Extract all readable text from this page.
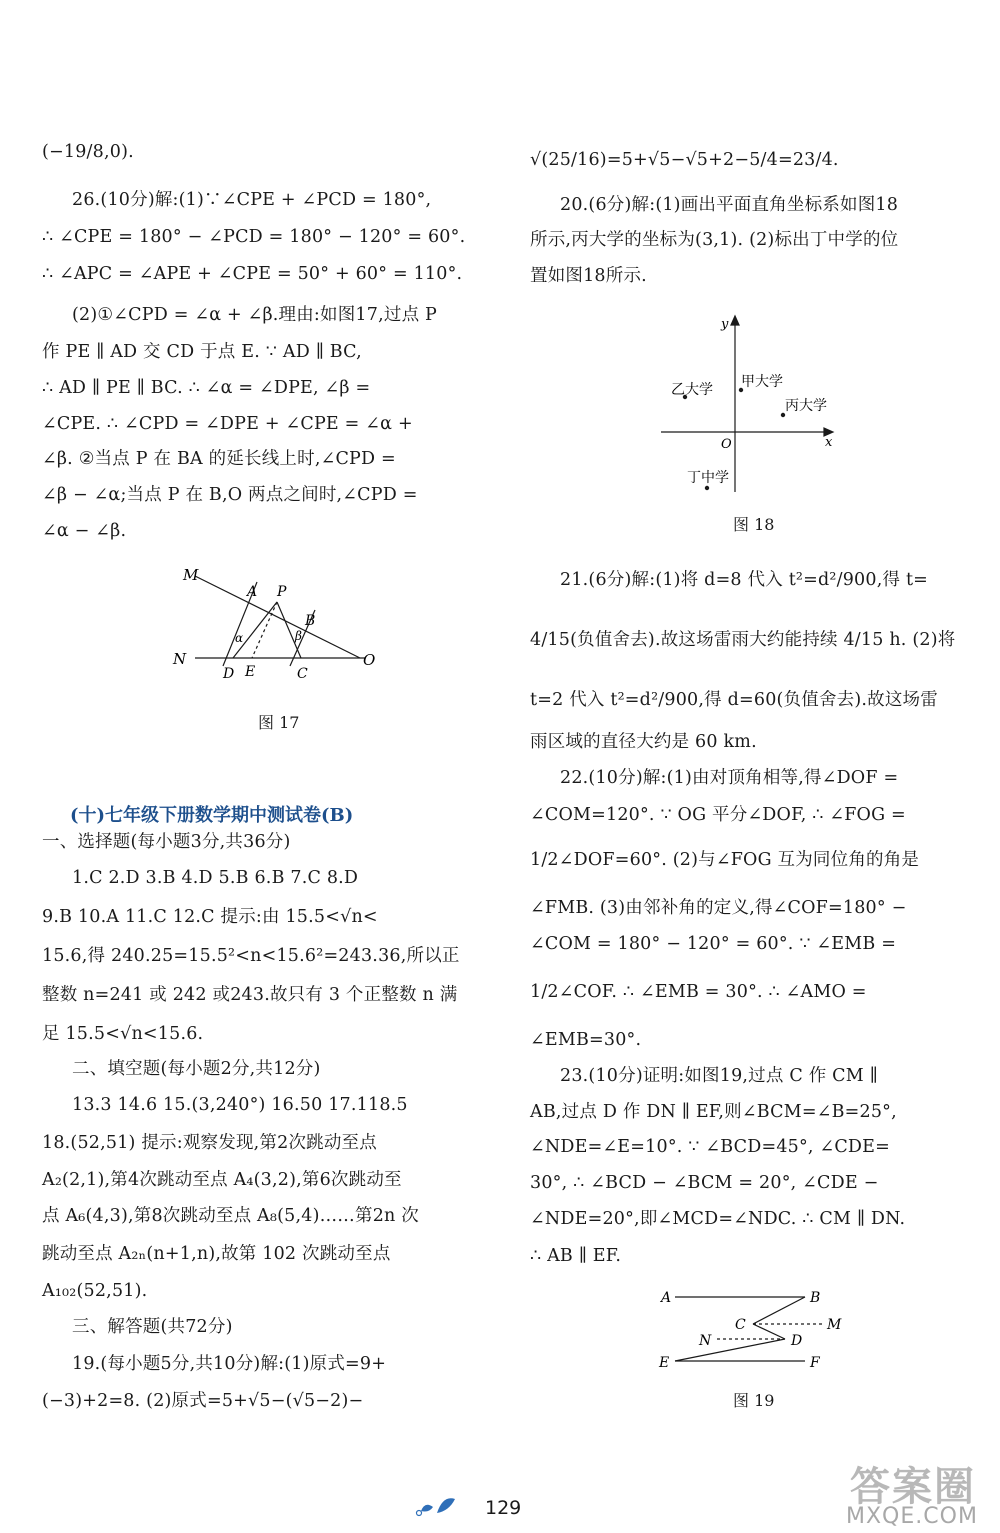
(−19/8,0).
26.(10分)解:(1)∵∠CPE + ∠PCD = 180°,
∴ ∠CPE = 180° − ∠PCD = 180° − 120° = 60°.
∴ ∠APC = ∠APE + ∠CPE = 50° + 60° = 110°.
(2)①∠CPD = ∠α + ∠β.理由:如图17,过点 P
作 PE ∥ AD 交 CD 于点 E. ∵ AD ∥ BC,
∴ AD ∥ PE ∥ BC. ∴ ∠α = ∠DPE, ∠β =
∠CPE. ∴ ∠CPD = ∠DPE + ∠CPE = ∠α +
∠β. ②当点 P 在 BA 的延长线上时,∠CPD =
∠β − ∠α;当点 P 在 B,O 两点之间时,∠CPD =
∠α − ∠β.
一、选择题(每小题3分,共36分)
1.C 2.D 3.B 4.D 5.B 6.B 7.C 8.D
9.B 10.A 11.C 12.C 提示:由 15.5<√n<
15.6,得 240.25=15.5²<n<15.6²=243.36,所以正
整数 n=241 或 242 或243.故只有 3 个正整数 n 满
足 15.5<√n<15.6.
二、填空题(每小题2分,共12分)
13.3 14.6 15.(3,240°) 16.50 17.118.5
18.(52,51) 提示:观察发现,第2次跳动至点
A₂(2,1),第4次跳动至点 A₄(3,2),第6次跳动至
点 A₆(4,3),第8次跳动至点 A₈(5,4)……第2n 次
跳动至点 A₂ₙ(n+1,n),故第 102 次跳动至点
A₁₀₂(52,51).
三、解答题(共72分)
19.(每小题5分,共10分)解:(1)原式=9+
(−3)+2=8. (2)原式=5+√5−(√5−2)−
√(25/16)=5+√5−√5+2−5/4=23/4.
20.(6分)解:(1)画出平面直角坐标系如图18
所示,丙大学的坐标为(3,1). (2)标出丁中学的位
置如图18所示.
21.(6分)解:(1)将 d=8 代入 t²=d²/900,得 t=
4/15(负值舍去).故这场雷雨大约能持续 4/15 h. (2)将
t=2 代入 t²=d²/900,得 d=60(负值舍去).故这场雷
雨区域的直径大约是 60 km.
22.(10分)解:(1)由对顶角相等,得∠DOF =
∠COM=120°. ∵ OG 平分∠DOF, ∴ ∠FOG =
1/2∠DOF=60°. (2)与∠FOG 互为同位角的角是
∠FMB. (3)由邻补角的定义,得∠COF=180° −
∠COM = 180° − 120° = 60°. ∵ ∠EMB =
1/2∠COF. ∴ ∠EMB = 30°. ∴ ∠AMO =
∠EMB=30°.
23.(10分)证明:如图19,过点 C 作 CM ∥
AB,过点 D 作 DN ∥ EF,则∠BCM=∠B=25°,
∠NDE=∠E=10°. ∵ ∠BCD=45°, ∠CDE=
30°, ∴ ∠BCD − ∠BCM = 20°, ∠CDE −
∠NDE=20°,即∠MCD=∠NDC. ∴ CM ∥ DN.
∴ AB ∥ EF.
(十)七年级下册数学期中测试卷(B)
M
A P
B
α	β
N
D E	C
O
图 17
y
x
O
甲大学
乙大学
丙大学
丁中学
图 18
A	B
C	M
N	D
E	F
图 19
129	答案圈
MXQE.COM
